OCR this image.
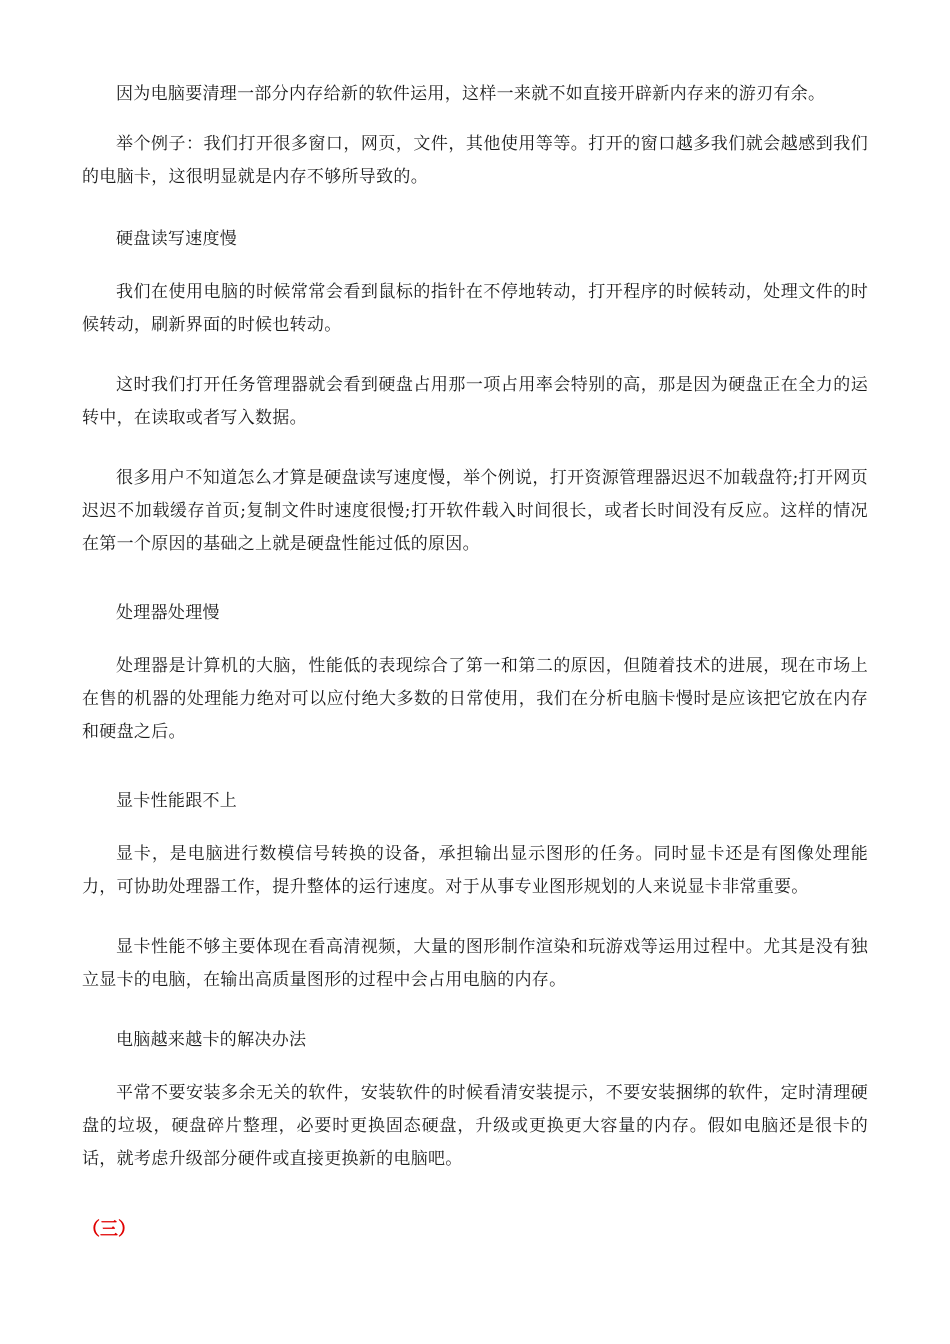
因为电脑要清理一部分内存给新的软件运用，这样一来就不如直接开辟新内存来的游刃有余。

举个例子：我们打开很多窗口，网页，文件，其他使用等等。打开的窗口越多我们就会越感到我们的电脑卡，这很明显就是内存不够所导致的。

硬盘读写速度慢

我们在使用电脑的时候常常会看到鼠标的指针在不停地转动，打开程序的时候转动，处理文件的时候转动，刷新界面的时候也转动。

这时我们打开任务管理器就会看到硬盘占用那一项占用率会特别的高，那是因为硬盘正在全力的运转中，在读取或者写入数据。

很多用户不知道怎么才算是硬盘读写速度慢，举个例说，打开资源管理器迟迟不加载盘符;打开网页迟迟不加载缓存首页;复制文件时速度很慢;打开软件载入时间很长，或者长时间没有反应。这样的情况在第一个原因的基础之上就是硬盘性能过低的原因。

处理器处理慢

处理器是计算机的大脑，性能低的表现综合了第一和第二的原因，但随着技术的进展，现在市场上在售的机器的处理能力绝对可以应付绝大多数的日常使用，我们在分析电脑卡慢时是应该把它放在内存和硬盘之后。

显卡性能跟不上

显卡，是电脑进行数模信号转换的设备，承担输出显示图形的任务。同时显卡还是有图像处理能力，可协助处理器工作，提升整体的运行速度。对于从事专业图形规划的人来说显卡非常重要。

显卡性能不够主要体现在看高清视频，大量的图形制作渲染和玩游戏等运用过程中。尤其是没有独立显卡的电脑，在输出高质量图形的过程中会占用电脑的内存。

电脑越来越卡的解决办法

平常不要安装多余无关的软件，安装软件的时候看清安装提示，不要安装捆绑的软件，定时清理硬盘的垃圾，硬盘碎片整理，必要时更换固态硬盘，升级或更换更大容量的内存。假如电脑还是很卡的话，就考虑升级部分硬件或直接更换新的电脑吧。

（三）
